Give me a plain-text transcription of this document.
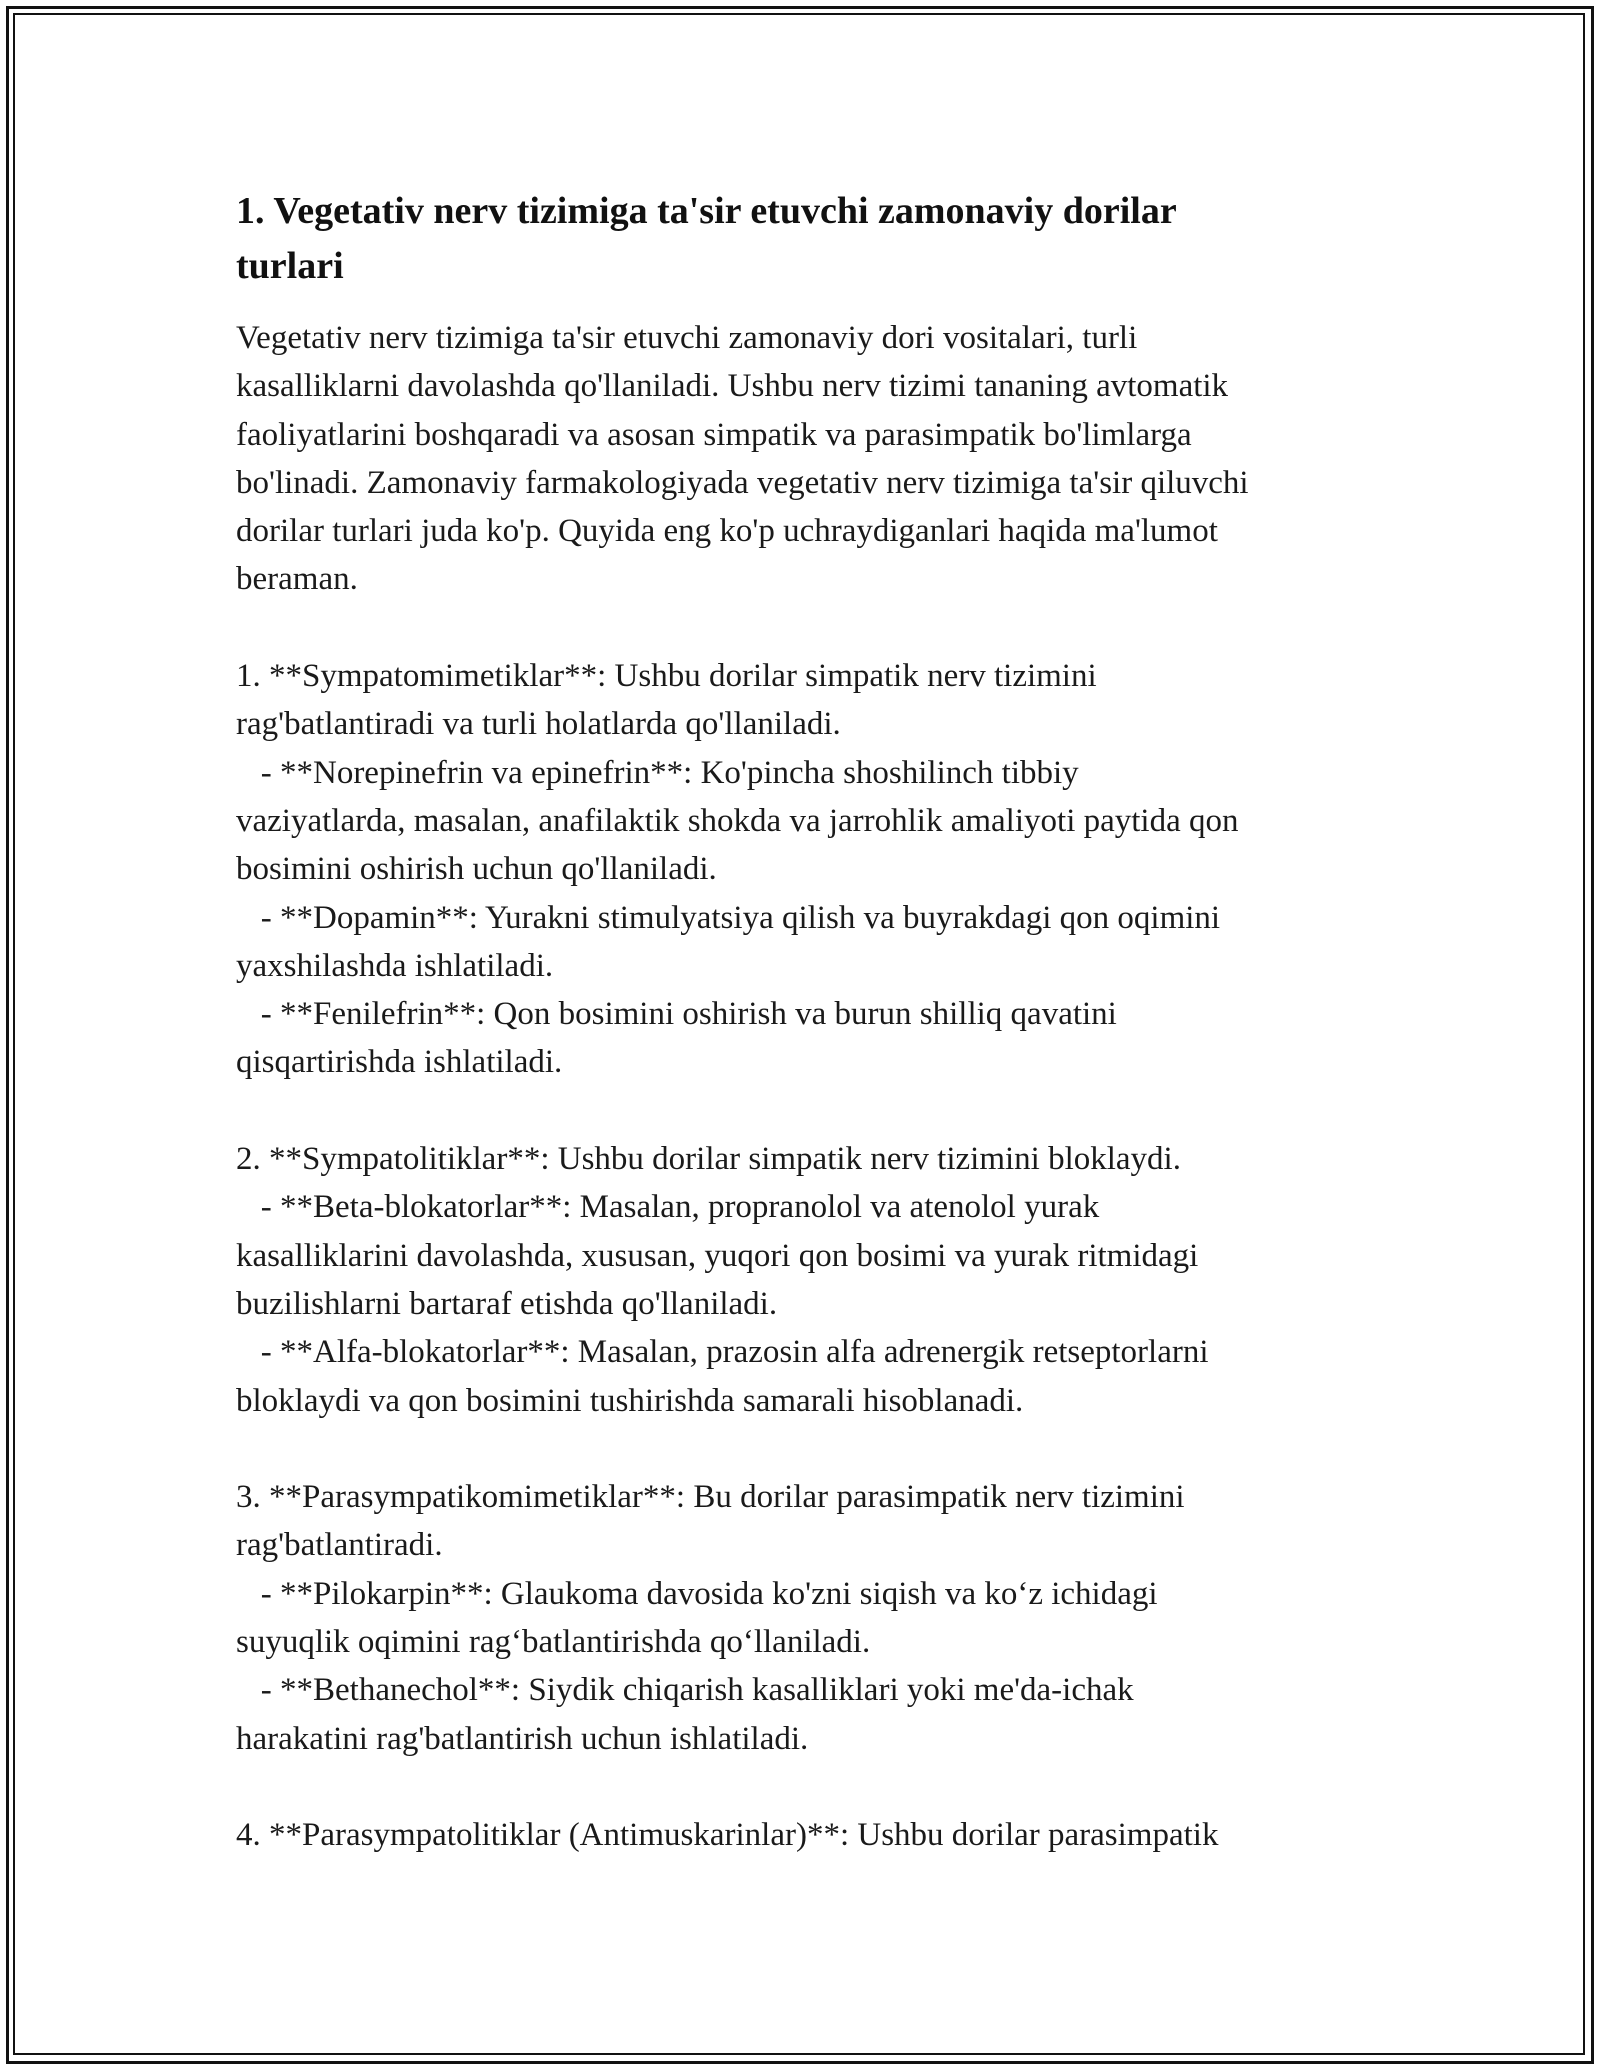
1. Vegetativ nerv tizimiga ta'sir etuvchi zamonaviy dorilar
turlari
Vegetativ nerv tizimiga ta'sir etuvchi zamonaviy dori vositalari, turli
kasalliklarni davolashda qo'llaniladi. Ushbu nerv tizimi tananing avtomatik
faoliyatlarini boshqaradi va asosan simpatik va parasimpatik bo'limlarga
bo'linadi. Zamonaviy farmakologiyada vegetativ nerv tizimiga ta'sir qiluvchi
dorilar turlari juda ko'p. Quyida eng ko'p uchraydiganlari haqida ma'lumot
beraman.
1. **Sympatomimetiklar**: Ushbu dorilar simpatik nerv tizimini
rag'batlantiradi va turli holatlarda qo'llaniladi.
- **Norepinefrin va epinefrin**: Ko'pincha shoshilinch tibbiy
vaziyatlarda, masalan, anafilaktik shokda va jarrohlik amaliyoti paytida qon
bosimini oshirish uchun qo'llaniladi.
- **Dopamin**: Yurakni stimulyatsiya qilish va buyrakdagi qon oqimini
yaxshilashda ishlatiladi.
- **Fenilefrin**: Qon bosimini oshirish va burun shilliq qavatini
qisqartirishda ishlatiladi.
2. **Sympatolitiklar**: Ushbu dorilar simpatik nerv tizimini bloklaydi.
- **Beta-blokatorlar**: Masalan, propranolol va atenolol yurak
kasalliklarini davolashda, xususan, yuqori qon bosimi va yurak ritmidagi
buzilishlarni bartaraf etishda qo'llaniladi.
- **Alfa-blokatorlar**: Masalan, prazosin alfa adrenergik retseptorlarni
bloklaydi va qon bosimini tushirishda samarali hisoblanadi.
3. **Parasympatikomimetiklar**: Bu dorilar parasimpatik nerv tizimini
rag'batlantiradi.
- **Pilokarpin**: Glaukoma davosida ko'zni siqish va ko‘z ichidagi
suyuqlik oqimini rag‘batlantirishda qo‘llaniladi.
- **Bethanechol**: Siydik chiqarish kasalliklari yoki me'da-ichak
harakatini rag'batlantirish uchun ishlatiladi.
4. **Parasympatolitiklar (Antimuskarinlar)**: Ushbu dorilar parasimpatik
